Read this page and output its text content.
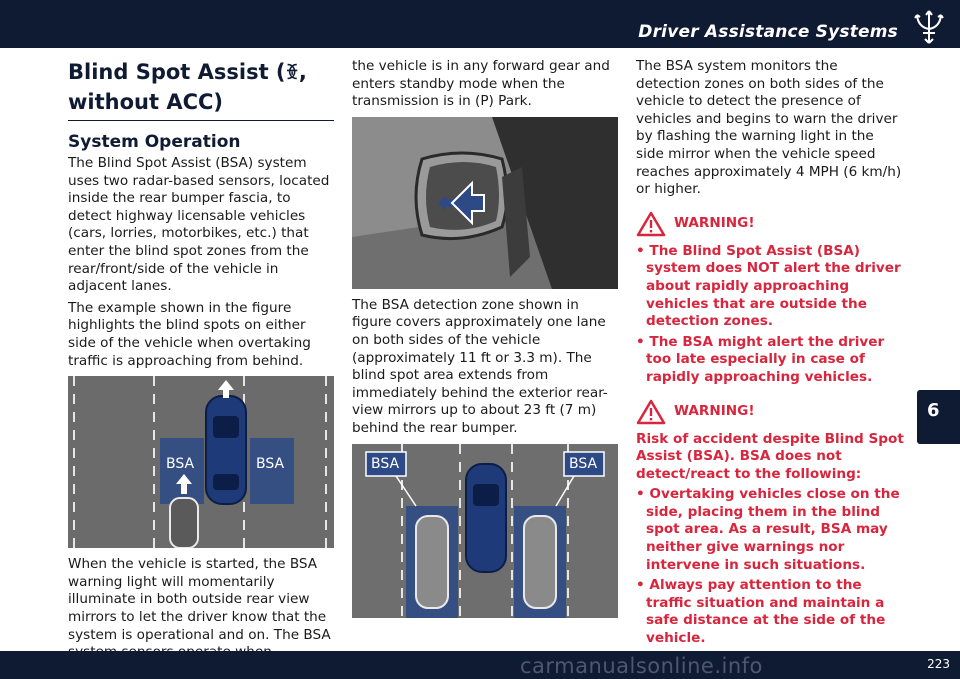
Driver Assistance Systems
6
Blind Spot Assist (ꆣ,
without ACC)
System Operation

The Blind Spot Assist (BSA) system uses two radar-based sensors, located inside the rear bumper fascia, to detect highway licensable vehicles (cars, lorries, motorbikes, etc.) that enter the blind spot zones from the rear/front/side of the vehicle in adjacent lanes.

The example shown in the figure highlights the blind spots on either side of the vehicle when overtaking traffic is approaching from behind.

BSA	BSA

When the vehicle is started, the BSA warning light will momentarily illuminate in both outside rear view mirrors to let the driver know that the system is operational and on. The BSA

the vehicle is in any forward gear and enters standby mode when the transmission is in (P) Park.

The BSA detection zone shown in figure covers approximately one lane on both sides of the vehicle (approximately 11 ft or 3.3 m). The blind spot area extends from immediately behind the exterior rear-view mirrors up to about 23 ft (7 m) behind the rear bumper.

BSA	BSA

The BSA system monitors the detection zones on both sides of the vehicle to detect the presence of vehicles and begins to warn the driver by flashing the warning light in the side mirror when the vehicle speed reaches approximately 4 MPH (6 km/h) or higher.

WARNING!
• The Blind Spot Assist (BSA) system does NOT alert the driver about rapidly approaching vehicles that are outside the detection zones.
• The BSA might alert the driver too late especially in case of rapidly approaching vehicles.
WARNING!
Risk of accident despite Blind Spot Assist (BSA). BSA does not detect/react to the following:
• Overtaking vehicles close on the side, placing them in the blind spot area. As a result, BSA may neither give warnings nor intervene in such situations.
• Always pay attention to the traffic situation and maintain a safe distance at the side of the vehicle.
223
carmanualsonline.info
